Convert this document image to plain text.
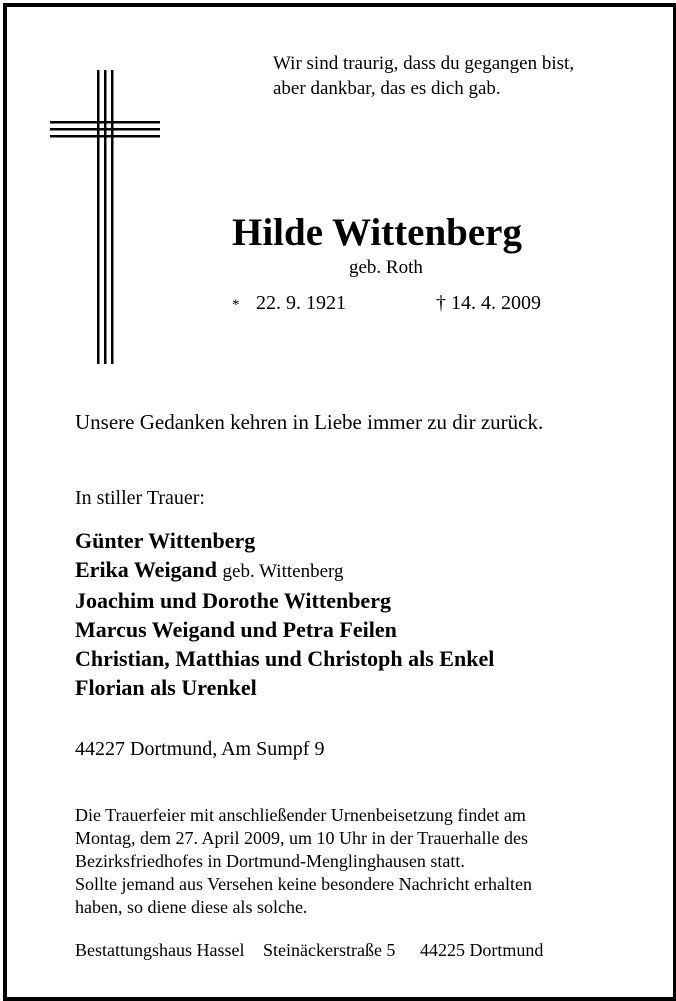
Wir sind traurig, dass du gegangen bist,
aber dankbar, das es dich gab.
Hilde Wittenberg
geb. Roth
* 22. 9. 1921	† 14. 4. 2009
Unsere Gedanken kehren in Liebe immer zu dir zurück.
In stiller Trauer:
Günter Wittenberg
Erika Weigand geb. Wittenberg
Joachim und Dorothe Wittenberg
Marcus Weigand und Petra Feilen
Christian, Matthias und Christoph als Enkel
Florian als Urenkel
44227 Dortmund, Am Sumpf 9
Die Trauerfeier mit anschließender Urnenbeisetzung findet am
Montag, dem 27. April 2009, um 10 Uhr in der Trauerhalle des
Bezirksfriedhofes in Dortmund-Menglinghausen statt.
Sollte jemand aus Versehen keine besondere Nachricht erhalten
haben, so diene diese als solche.
Bestattungshaus Hassel Steinäckerstraße 5 44225 Dortmund
